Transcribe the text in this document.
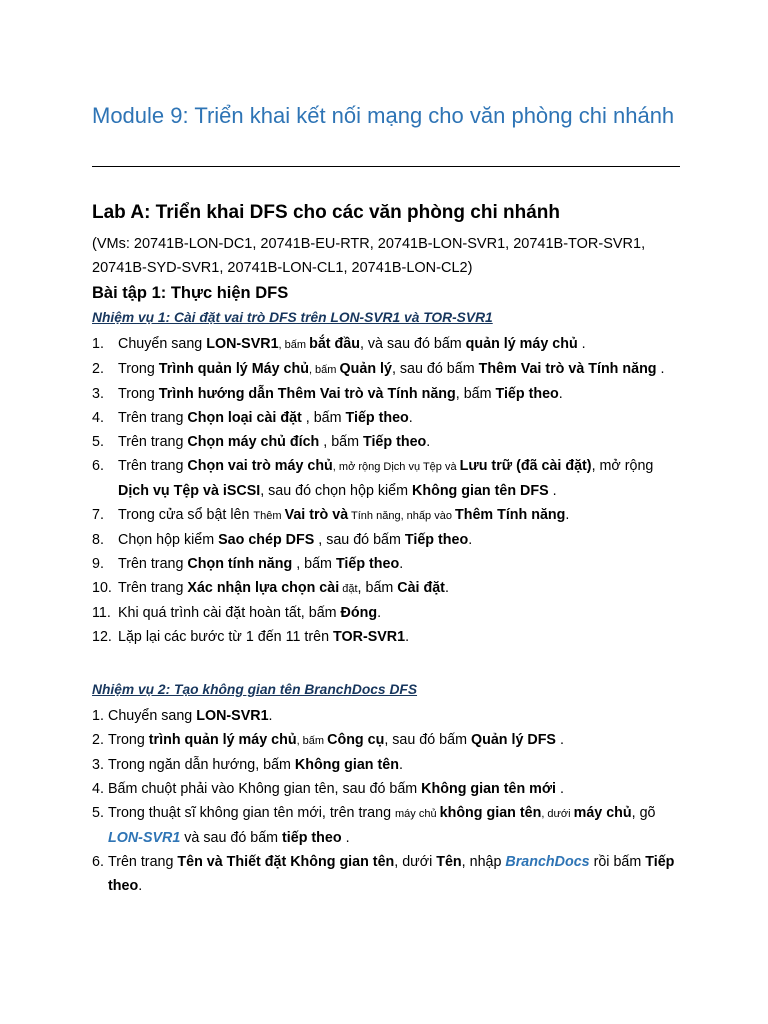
Module 9: Triển khai kết nối mạng cho văn phòng chi nhánh
Lab A: Triển khai DFS cho các văn phòng chi nhánh
(VMs: 20741B-LON-DC1, 20741B-EU-RTR, 20741B-LON-SVR1, 20741B-TOR-SVR1, 20741B-SYD-SVR1, 20741B-LON-CL1, 20741B-LON-CL2)
Bài tập 1: Thực hiện DFS
Nhiệm vụ 1: Cài đặt vai trò DFS trên LON-SVR1 và TOR-SVR1
1. Chuyển sang LON-SVR1, bấm bắt đầu, và sau đó bấm quản lý máy chủ .
2. Trong Trình quản lý Máy chủ, bấm Quản lý, sau đó bấm Thêm Vai trò và Tính năng .
3. Trong Trình hướng dẫn Thêm Vai trò và Tính năng, bấm Tiếp theo.
4. Trên trang Chọn loại cài đặt , bấm Tiếp theo.
5. Trên trang Chọn máy chủ đích , bấm Tiếp theo.
6. Trên trang Chọn vai trò máy chủ, mở rộng Dịch vụ Tệp và Lưu trữ (đã cài đặt), mở rộng Dịch vụ Tệp và iSCSI, sau đó chọn hộp kiểm Không gian tên DFS .
7. Trong cửa sổ bật lên Thêm Vai trò và Tính năng, nhấp vào Thêm Tính năng.
8. Chọn hộp kiểm Sao chép DFS , sau đó bấm Tiếp theo.
9. Trên trang Chọn tính năng , bấm Tiếp theo.
10. Trên trang Xác nhận lựa chọn cài đặt, bấm Cài đặt.
11. Khi quá trình cài đặt hoàn tất, bấm Đóng.
12. Lặp lại các bước từ 1 đến 11 trên TOR-SVR1.
Nhiệm vụ 2: Tạo không gian tên BranchDocs DFS
1. Chuyển sang LON-SVR1.
2. Trong trình quản lý máy chủ, bấm Công cụ, sau đó bấm Quản lý DFS .
3. Trong ngăn dẫn hướng, bấm Không gian tên.
4. Bấm chuột phải vào Không gian tên, sau đó bấm Không gian tên mới .
5. Trong thuật sĩ không gian tên mới, trên trang máy chủ không gian tên, dưới máy chủ, gõ LON-SVR1 và sau đó bấm tiếp theo .
6. Trên trang Tên và Thiết đặt Không gian tên, dưới Tên, nhập BranchDocs rồi bấm Tiếp theo.
